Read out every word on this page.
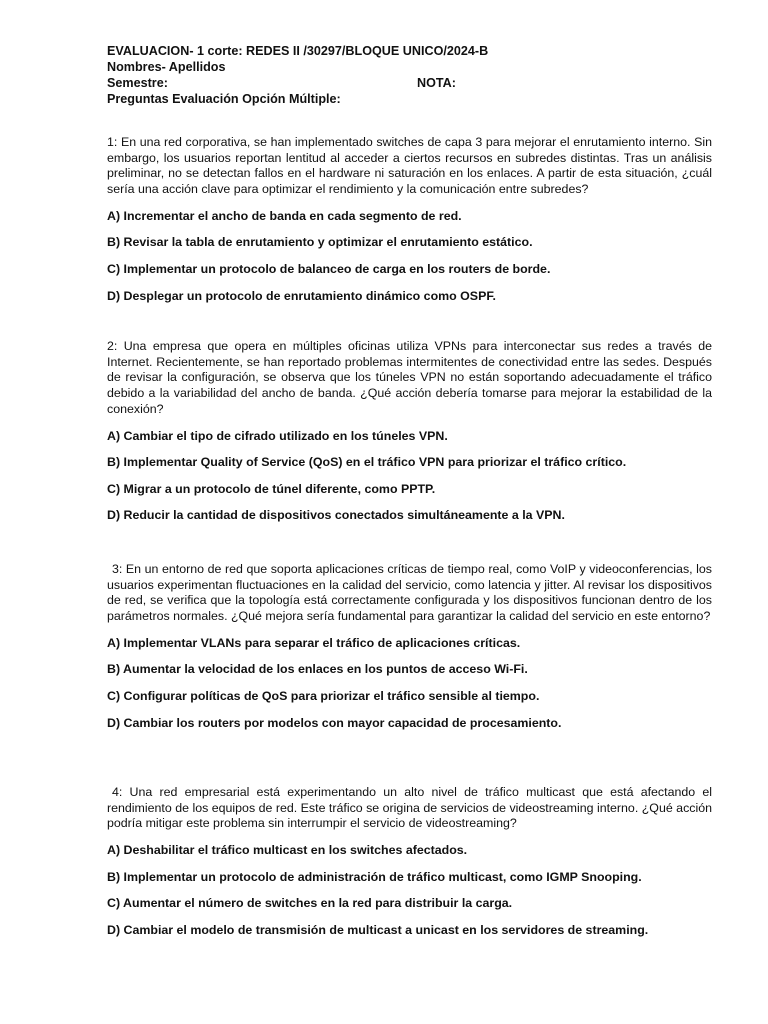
EVALUACION- 1 corte: REDES II /30297/BLOQUE UNICO/2024-B
Nombres- Apellidos
Semestre:	NOTA:
Preguntas Evaluación Opción Múltiple:

1: En una red corporativa, se han implementado switches de capa 3 para mejorar el enrutamiento interno. Sin embargo, los usuarios reportan lentitud al acceder a ciertos recursos en subredes distintas. Tras un análisis preliminar, no se detectan fallos en el hardware ni saturación en los enlaces. A partir de esta situación, ¿cuál sería una acción clave para optimizar el rendimiento y la comunicación entre subredes?

A) Incrementar el ancho de banda en cada segmento de red.
B) Revisar la tabla de enrutamiento y optimizar el enrutamiento estático.
C) Implementar un protocolo de balanceo de carga en los routers de borde.
D) Desplegar un protocolo de enrutamiento dinámico como OSPF.

2: Una empresa que opera en múltiples oficinas utiliza VPNs para interconectar sus redes a través de Internet. Recientemente, se han reportado problemas intermitentes de conectividad entre las sedes. Después de revisar la configuración, se observa que los túneles VPN no están soportando adecuadamente el tráfico debido a la variabilidad del ancho de banda. ¿Qué acción debería tomarse para mejorar la estabilidad de la conexión?

A) Cambiar el tipo de cifrado utilizado en los túneles VPN.
B) Implementar Quality of Service (QoS) en el tráfico VPN para priorizar el tráfico crítico.
C) Migrar a un protocolo de túnel diferente, como PPTP.
D) Reducir la cantidad de dispositivos conectados simultáneamente a la VPN.

3: En un entorno de red que soporta aplicaciones críticas de tiempo real, como VoIP y videoconferencias, los usuarios experimentan fluctuaciones en la calidad del servicio, como latencia y jitter. Al revisar los dispositivos de red, se verifica que la topología está correctamente configurada y los dispositivos funcionan dentro de los parámetros normales. ¿Qué mejora sería fundamental para garantizar la calidad del servicio en este entorno?

A) Implementar VLANs para separar el tráfico de aplicaciones críticas.
B) Aumentar la velocidad de los enlaces en los puntos de acceso Wi-Fi.
C) Configurar políticas de QoS para priorizar el tráfico sensible al tiempo.
D) Cambiar los routers por modelos con mayor capacidad de procesamiento.

4: Una red empresarial está experimentando un alto nivel de tráfico multicast que está afectando el rendimiento de los equipos de red. Este tráfico se origina de servicios de videostreaming interno. ¿Qué acción podría mitigar este problema sin interrumpir el servicio de videostreaming?

A) Deshabilitar el tráfico multicast en los switches afectados.
B) Implementar un protocolo de administración de tráfico multicast, como IGMP Snooping.
C) Aumentar el número de switches en la red para distribuir la carga.
D) Cambiar el modelo de transmisión de multicast a unicast en los servidores de streaming.
